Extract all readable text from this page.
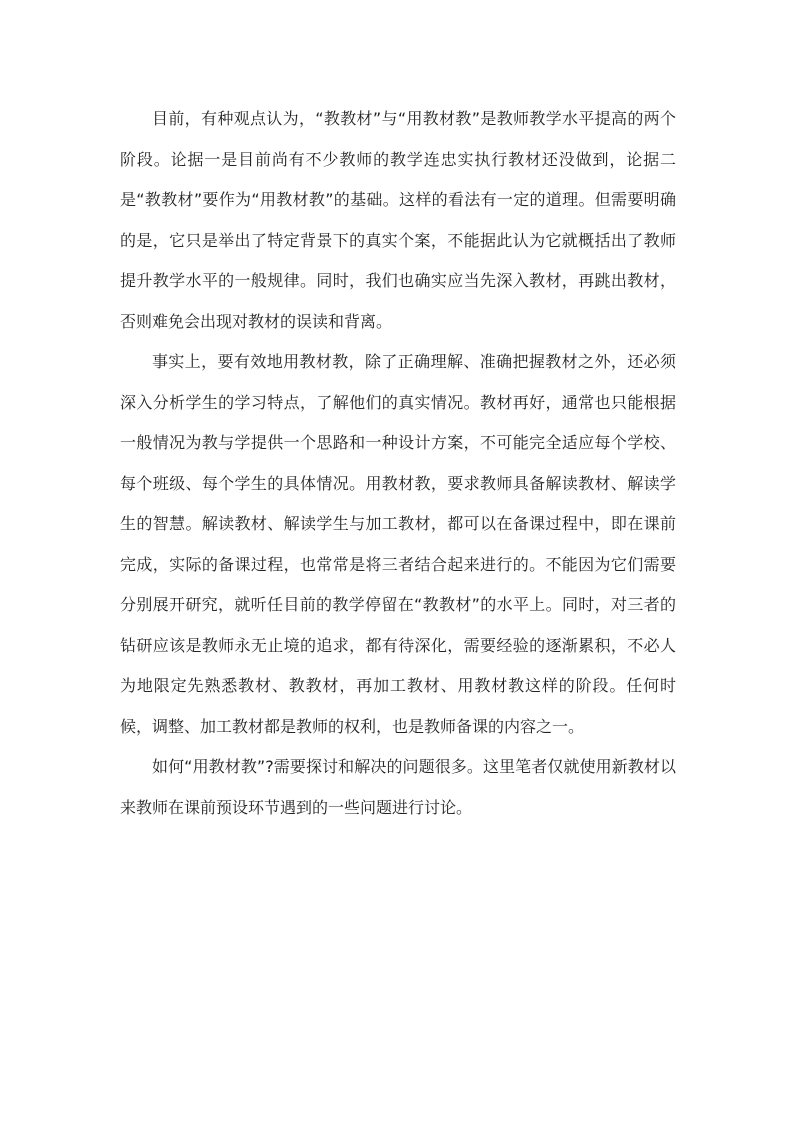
目前，有种观点认为，“教教材”与“用教材教”是教师教学水平提高的两个阶段。论据一是目前尚有不少教师的教学连忠实执行教材还没做到，论据二是“教教材”要作为“用教材教”的基础。这样的看法有一定的道理。但需要明确的是，它只是举出了特定背景下的真实个案，不能据此认为它就概括出了教师提升教学水平的一般规律。同时，我们也确实应当先深入教材，再跳出教材，否则难免会出现对教材的误读和背离。

事实上，要有效地用教材教，除了正确理解、准确把握教材之外，还必须深入分析学生的学习特点，了解他们的真实情况。教材再好，通常也只能根据一般情况为教与学提供一个思路和一种设计方案，不可能完全适应每个学校、每个班级、每个学生的具体情况。用教材教，要求教师具备解读教材、解读学生的智慧。解读教材、解读学生与加工教材，都可以在备课过程中，即在课前完成，实际的备课过程，也常常是将三者结合起来进行的。不能因为它们需要分别展开研究，就听任目前的教学停留在“教教材”的水平上。同时，对三者的钻研应该是教师永无止境的追求，都有待深化，需要经验的逐渐累积，不必人为地限定先熟悉教材、教教材，再加工教材、用教材教这样的阶段。任何时候，调整、加工教材都是教师的权利，也是教师备课的内容之一。

如何“用教材教”?需要探讨和解决的问题很多。这里笔者仅就使用新教材以来教师在课前预设环节遇到的一些问题进行讨论。
